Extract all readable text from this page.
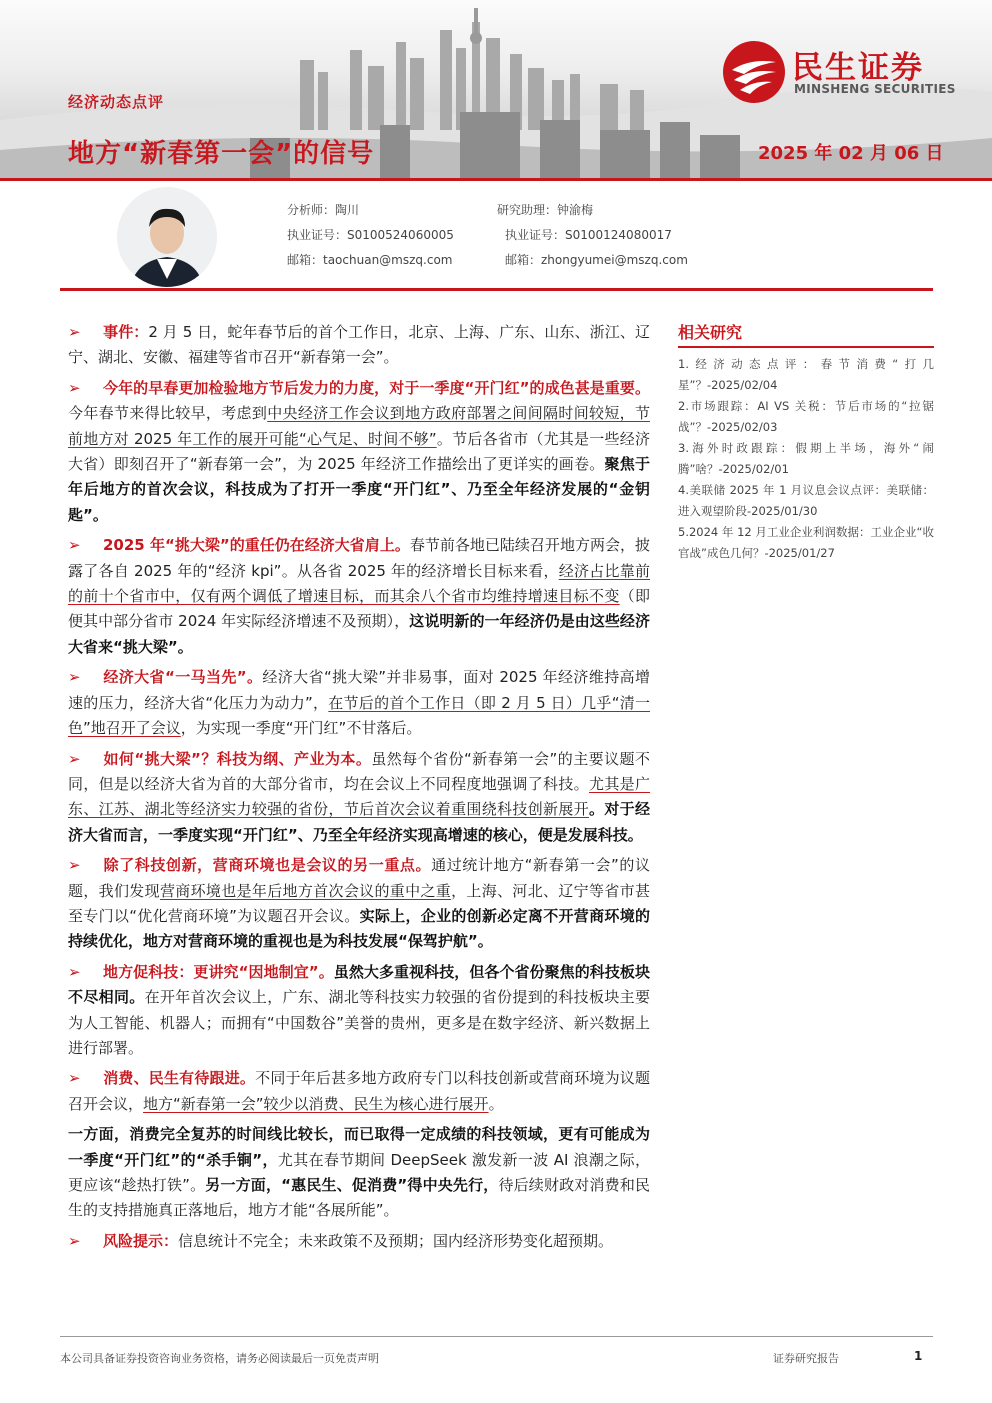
经济动态点评
地方“新春第一会”的信号	2025 年 02 月 06 日
民生证券
MINSHENG SECURITIES
分析师：陶川
执业证号：S0100524060005
邮箱：taochuan@mszq.com
研究助理：钟渝梅
执业证号：S0100124080017
邮箱：zhongyumei@mszq.com

➢ 事件：2 月 5 日，蛇年春节后的首个工作日，北京、上海、广东、山东、浙江、辽宁、湖北、安徽、福建等省市召开“新春第一会”。

➢ 今年的早春更加检验地方节后发力的力度，对于一季度“开门红”的成色甚是重要。今年春节来得比较早，考虑到中央经济工作会议到地方政府部署之间间隔时间较短，节前地方对 2025 年工作的展开可能“心气足、时间不够”。节后各省市（尤其是一些经济大省）即刻召开了“新春第一会”，为 2025 年经济工作描绘出了更详实的画卷。聚焦于年后地方的首次会议，科技成为了打开一季度“开门红”、乃至全年经济发展的“金钥匙”。

➢ 2025 年“挑大梁”的重任仍在经济大省肩上。春节前各地已陆续召开地方两会，披露了各自 2025 年的“经济 kpi”。从各省 2025 年的经济增长目标来看，经济占比靠前的前十个省市中，仅有两个调低了增速目标，而其余八个省市均维持增速目标不变（即便其中部分省市 2024 年实际经济增速不及预期），这说明新的一年经济仍是由这些经济大省来“挑大梁”。

➢ 经济大省“一马当先”。经济大省“挑大梁”并非易事，面对 2025 年经济维持高增速的压力，经济大省“化压力为动力”，在节后的首个工作日（即 2 月 5 日）几乎“清一色”地召开了会议，为实现一季度“开门红”不甘落后。

➢ 如何“挑大梁”？科技为纲、产业为本。虽然每个省份“新春第一会”的主要议题不同，但是以经济大省为首的大部分省市，均在会议上不同程度地强调了科技。尤其是广东、江苏、湖北等经济实力较强的省份，节后首次会议着重围绕科技创新展开。对于经济大省而言，一季度实现“开门红”、乃至全年经济实现高增速的核心，便是发展科技。

➢ 除了科技创新，营商环境也是会议的另一重点。通过统计地方“新春第一会”的议题，我们发现营商环境也是年后地方首次会议的重中之重，上海、河北、辽宁等省市甚至专门以“优化营商环境”为议题召开会议。实际上，企业的创新必定离不开营商环境的持续优化，地方对营商环境的重视也是为科技发展“保驾护航”。

➢ 地方促科技：更讲究“因地制宜”。虽然大多重视科技，但各个省份聚焦的科技板块不尽相同。在开年首次会议上，广东、湖北等科技实力较强的省份提到的科技板块主要为人工智能、机器人；而拥有“中国数谷”美誉的贵州，更多是在数字经济、新兴数据上进行部署。

➢ 消费、民生有待跟进。不同于年后甚多地方政府专门以科技创新或营商环境为议题召开会议，地方“新春第一会”较少以消费、民生为核心进行展开。

一方面，消费完全复苏的时间线比较长，而已取得一定成绩的科技领域，更有可能成为一季度“开门红”的“杀手锏”，尤其在春节期间 DeepSeek 激发新一波 AI 浪潮之际，更应该“趁热打铁”。另一方面，“惠民生、促消费”得中央先行，待后续财政对消费和民生的支持措施真正落地后，地方才能“各展所能”。

➢ 风险提示：信息统计不完全；未来政策不及预期；国内经济形势变化超预期。

相关研究
1.经济动态点评：春节消费“打几星”？-2025/02/04
2.市场跟踪：AI VS 关税：节后市场的“拉锯战”？-2025/02/03
3.海外时政跟踪：假期上半场，海外“闹腾”啥？-2025/02/01
4.美联储 2025 年 1 月议息会议点评：美联储：进入观望阶段-2025/01/30
5.2024 年 12 月工业企业利润数据：工业企业“收官战”成色几何？-2025/01/27
本公司具备证券投资咨询业务资格，请务必阅读最后一页免责声明	证券研究报告	1
